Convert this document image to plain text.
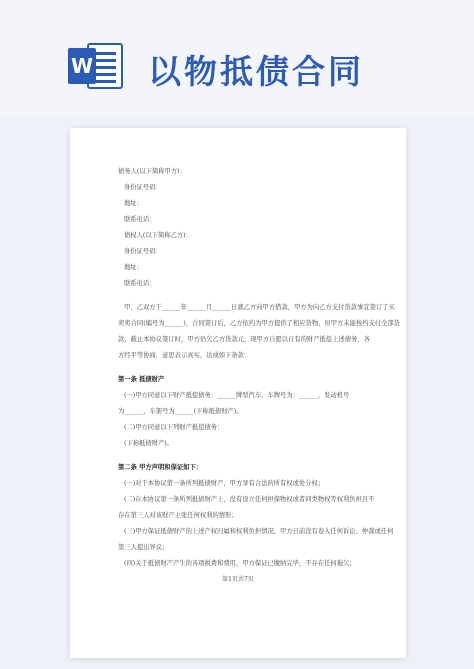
W 以物抵债合同
债务人(以下简称甲方)：
身份证号码：
地址：
联系电话：
债权人(以下简称乙方)：
身份证号码：
地址：
联系电话：
甲、乙双方于______年______月______日就乙方向甲方借款，甲方为向乙方支付货款事宜签订了买
卖卖合同(编号为______)，合同签订后，乙方依约为甲方提供了相应货物，但甲方未能按约支付全部货
款，截止本协议签订时，甲方仍欠乙方货款元，现甲方自愿以自有的财产抵偿上述债务，各
方经平等协商，意思表示真实，达成如下条款：
第一条 抵债财产
(一)甲方同意以下财产抵偿债务：______牌型汽车，车牌号为：______，发动机号
为______，车架号为______(下称抵债财产)。
(二)甲方同意以下列财产抵偿债务：
(下称抵债财产)。
第二条 甲方声明和保证如下：
(一)对于本协议第一条所列抵债财产，甲方享有合法的所有权或处分权；
(二)在本协议第一条所列抵债财产上，没有设立任何担保物权或者同类物权等权利负担且不
存在第三人对该财产主张任何权利的情形；
(三)甲方保证抵债财产的上述产权归属和权利负担情况，甲方日前没有卷入任何诉讼、仲裁或任何
第三人提出异议；
(四)关于抵债财产产生的各项税费和费用，甲方保证已缴纳完毕，不存在任何拖欠；
第1页共7页
